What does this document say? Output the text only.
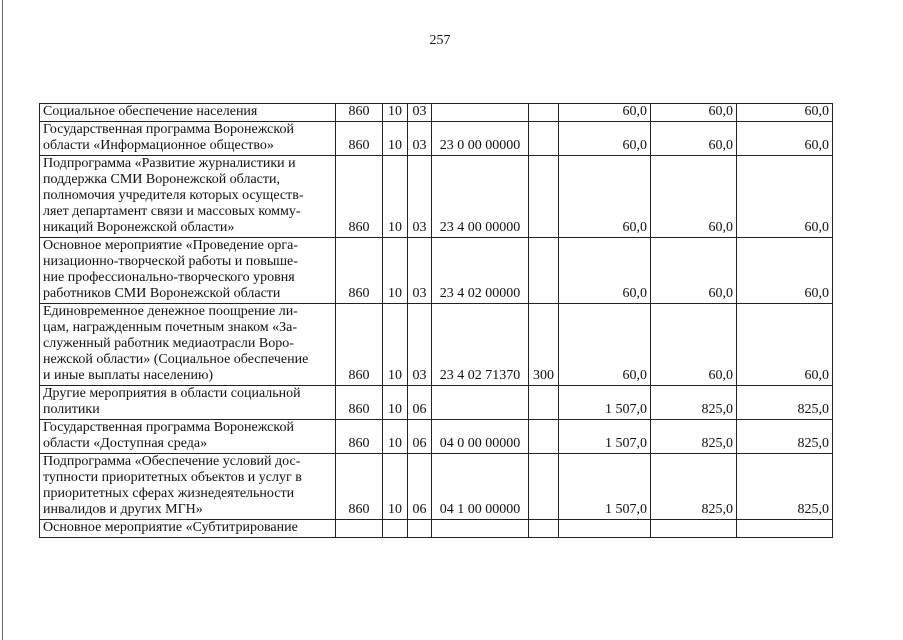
257
Социальное обеспечение населения	860	10	03			60,0	60,0	60,0
Государственная программа Воронежской
области «Информационное общество»	860	10	03	23 0 00 00000		60,0	60,0	60,0
Подпрограмма «Развитие журналистики и
поддержка СМИ Воронежской области,
полномочия учредителя которых осуществ-
ляет департамент связи и массовых комму-
никаций Воронежской области»	860	10	03	23 4 00 00000		60,0	60,0	60,0
Основное мероприятие «Проведение орга-
низационно-творческой работы и повыше-
ние профессионально-творческого уровня
работников СМИ Воронежской области	860	10	03	23 4 02 00000		60,0	60,0	60,0
Единовременное денежное поощрение ли-
цам, награжденным почетным знаком «За-
служенный работник медиаотрасли Воро-
нежской области» (Социальное обеспечение
и иные выплаты населению)	860	10	03	23 4 02 71370	300	60,0	60,0	60,0
Другие мероприятия в области социальной
политики	860	10	06			1 507,0	825,0	825,0
Государственная программа Воронежской
области «Доступная среда»	860	10	06	04 0 00 00000		1 507,0	825,0	825,0
Подпрограмма «Обеспечение условий дос-
тупности приоритетных объектов и услуг в
приоритетных сферах жизнедеятельности
инвалидов и других МГН»	860	10	06	04 1 00 00000		1 507,0	825,0	825,0
Основное мероприятие «Субтитрирование								
